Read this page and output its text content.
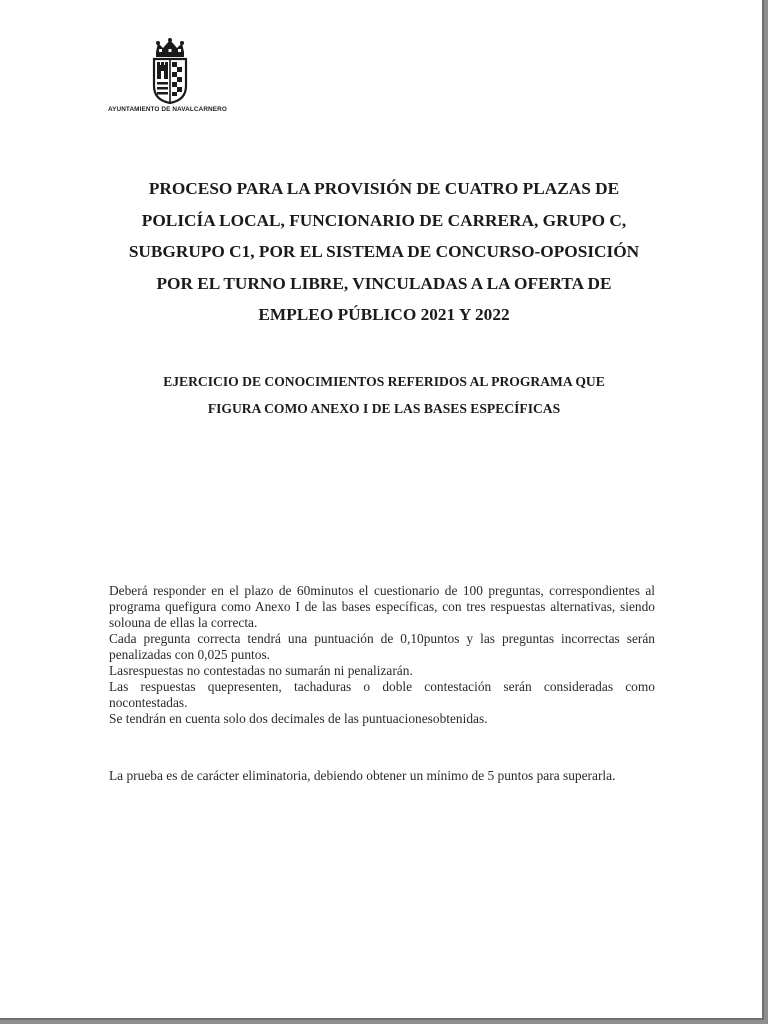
AYUNTAMIENTO DE NAVALCARNERO
PROCESO PARA LA PROVISIÓN DE CUATRO PLAZAS DE
POLICÍA LOCAL, FUNCIONARIO DE CARRERA, GRUPO C,
SUBGRUPO C1, POR EL SISTEMA DE CONCURSO-OPOSICIÓN
POR EL TURNO LIBRE, VINCULADAS A LA OFERTA DE
EMPLEO PÚBLICO 2021 Y 2022
EJERCICIO DE CONOCIMIENTOS REFERIDOS AL PROGRAMA QUE
FIGURA COMO ANEXO I DE LAS BASES ESPECÍFICAS

Deberá responder en el plazo de 60minutos el cuestionario de 100 preguntas, correspondientes al programa quefigura como Anexo I de las bases específicas, con tres respuestas alternativas, siendo solouna de ellas la correcta.

Cada pregunta correcta tendrá una puntuación de 0,10puntos y las preguntas incorrectas serán penalizadas con 0,025 puntos.

Lasrespuestas no contestadas no sumarán ni penalizarán.

Las respuestas quepresenten, tachaduras o doble contestación serán consideradas como nocontestadas.

Se tendrán en cuenta solo dos decimales de las puntuacionesobtenidas.

La prueba es de carácter eliminatoria, debiendo obtener un mínimo de 5 puntos para superarla.
